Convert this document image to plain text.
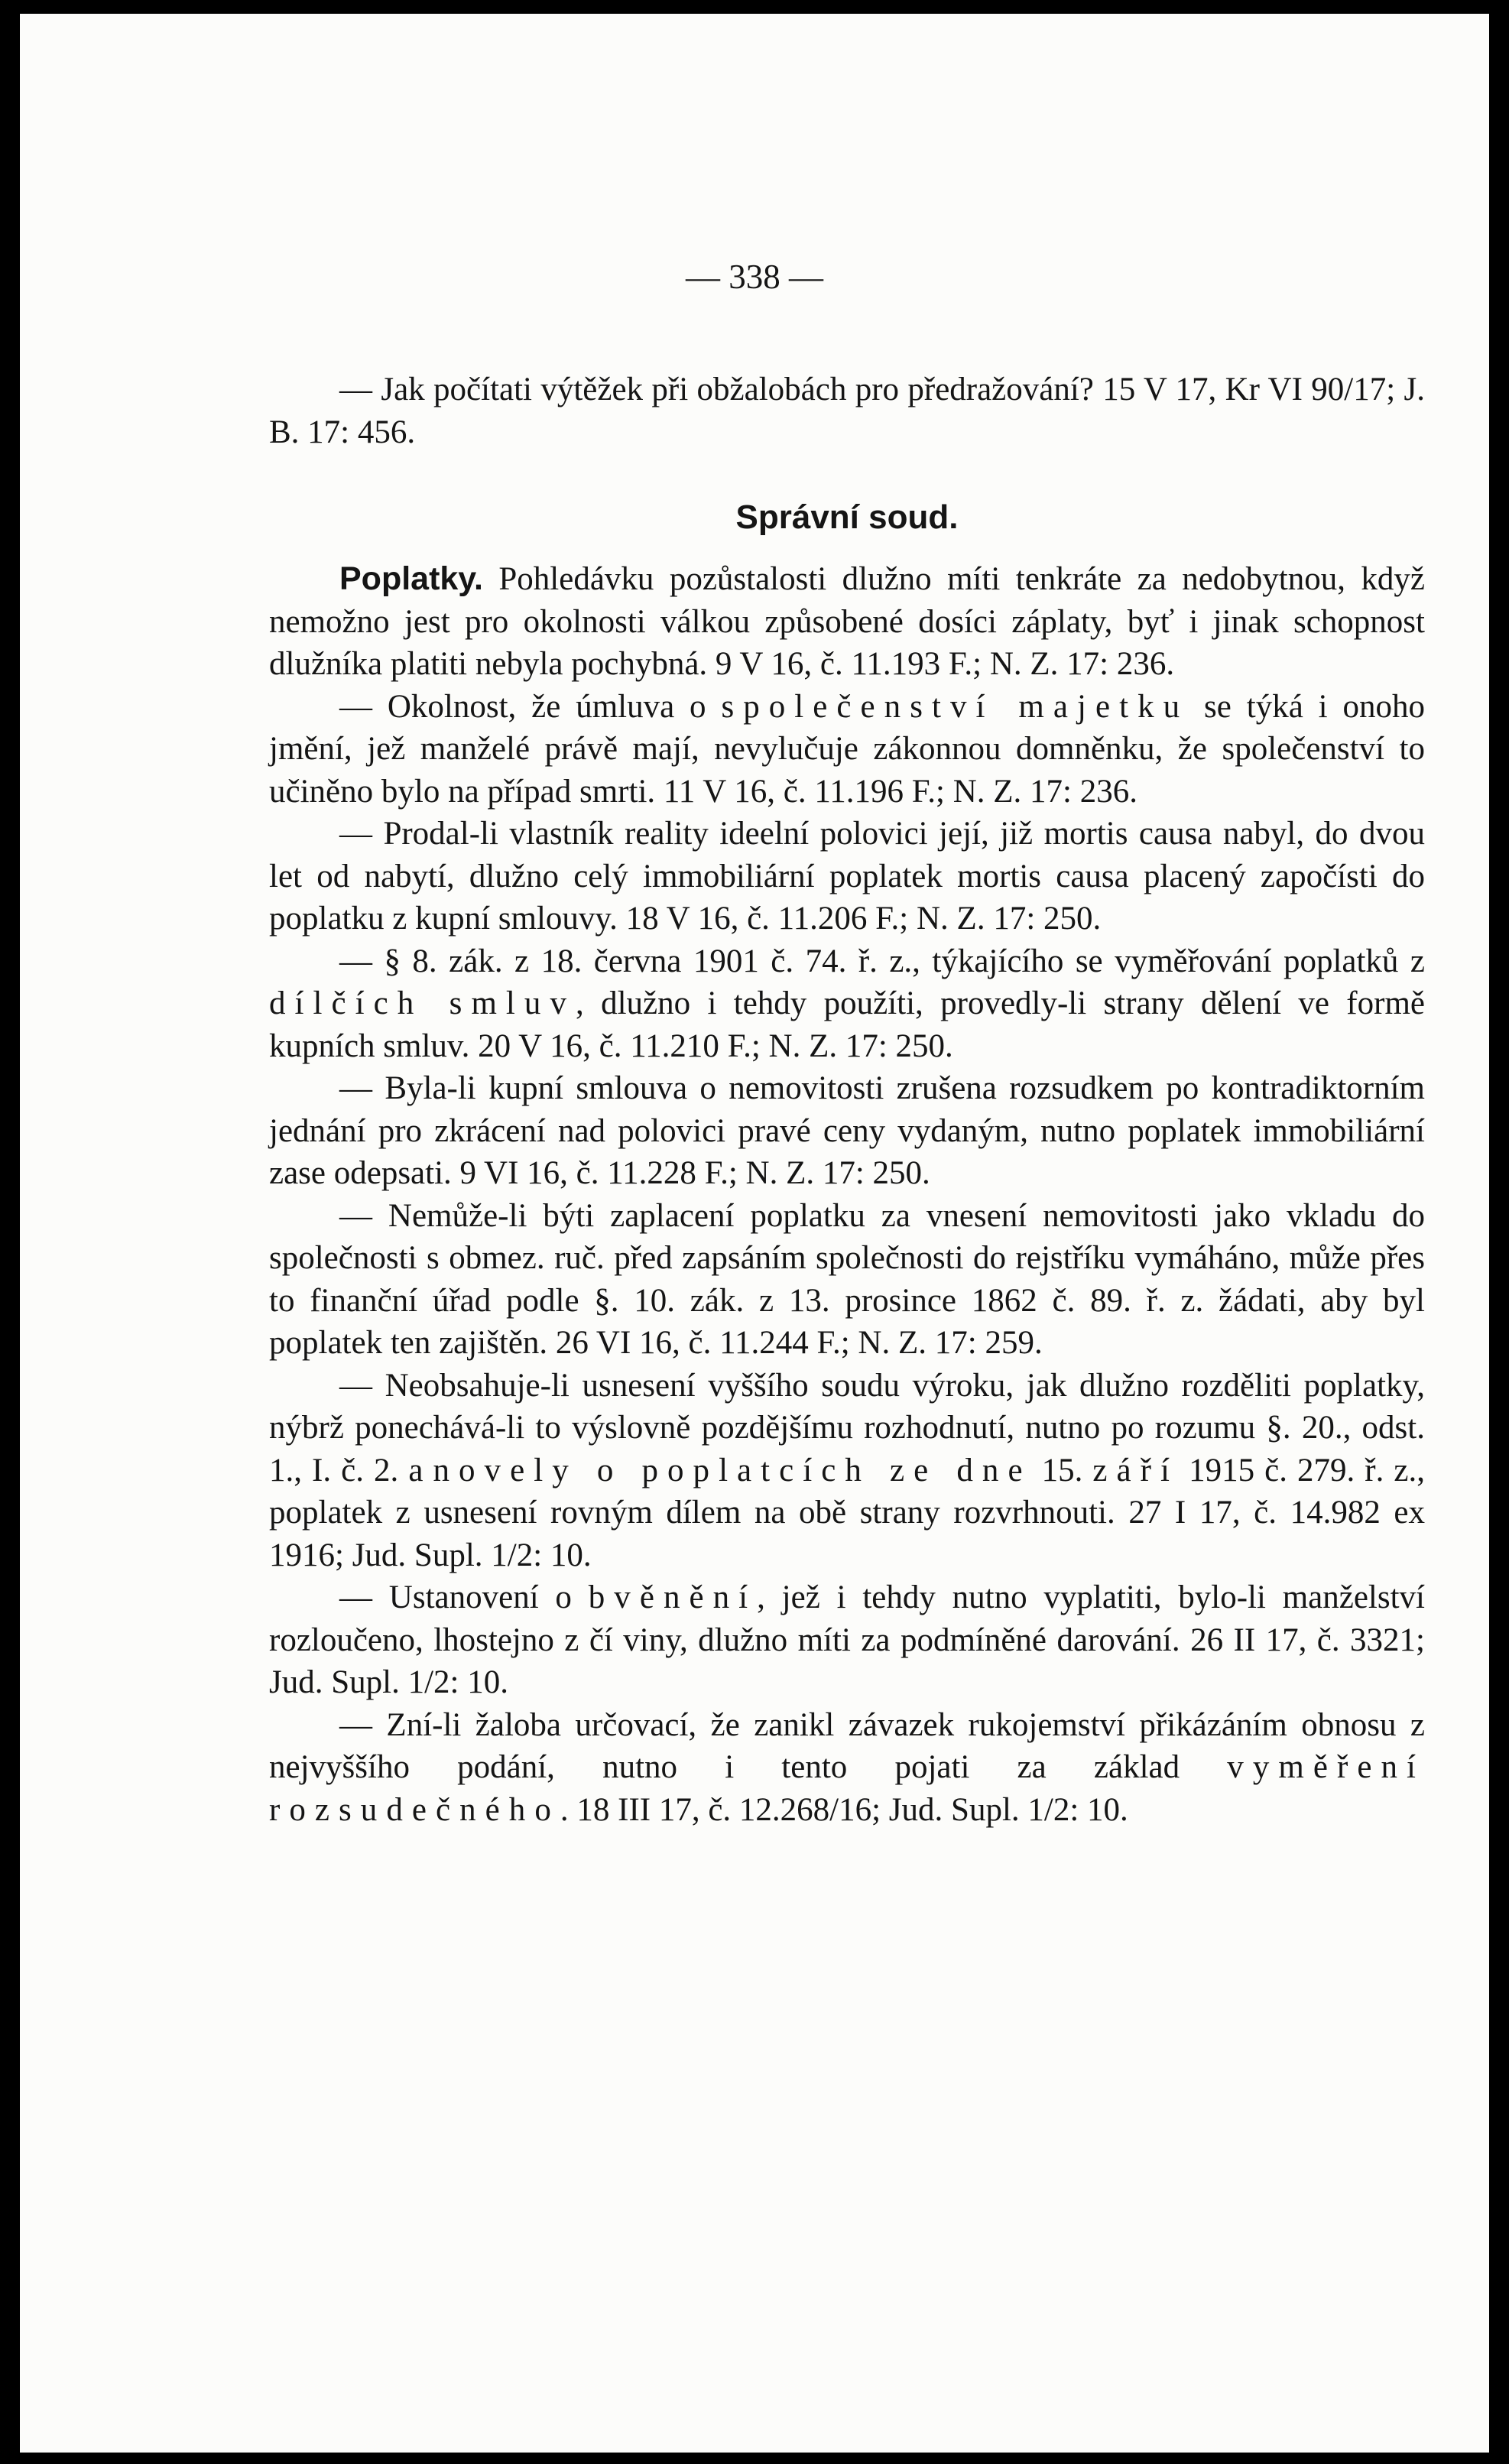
— 338 —

— Jak počítati výtěžek při obžalobách pro předražování? 15 V 17, Kr VI 90/17; J. B. 17: 456.

Správní soud.

Poplatky. Pohledávku pozůstalosti dlužno míti tenkráte za nedobytnou, když nemožno jest pro okolnosti válkou způsobené dosíci záplaty, byť i jinak schopnost dlužníka platiti nebyla pochybná. 9 V 16, č. 11.193 F.; N. Z. 17: 236.

— Okolnost, že úmluva o společenství majetku se týká i onoho jmění, jež manželé právě mají, nevylučuje zákonnou domněnku, že společenství to učiněno bylo na případ smrti. 11 V 16, č. 11.196 F.; N. Z. 17: 236.

— Prodal-li vlastník reality ideelní polovici její, již mortis causa nabyl, do dvou let od nabytí, dlužno celý immobiliární poplatek mortis causa placený započísti do poplatku z kupní smlouvy. 18 V 16, č. 11.206 F.; N. Z. 17: 250.

— § 8. zák. z 18. června 1901 č. 74. ř. z., týkajícího se vyměřování poplatků z dílčích smluv, dlužno i tehdy použíti, provedly-li strany dělení ve formě kupních smluv. 20 V 16, č. 11.210 F.; N. Z. 17: 250.

— Byla-li kupní smlouva o nemovitosti zrušena rozsudkem po kontradiktorním jednání pro zkrácení nad polovici pravé ceny vydaným, nutno poplatek immobiliární zase odepsati. 9 VI 16, č. 11.228 F.; N. Z. 17: 250.

— Nemůže-li býti zaplacení poplatku za vnesení nemovitosti jako vkladu do společnosti s obmez. ruč. před zapsáním společnosti do rejstříku vymáháno, může přes to finanční úřad podle §. 10. zák. z 13. prosince 1862 č. 89. ř. z. žádati, aby byl poplatek ten zajištěn. 26 VI 16, č. 11.244 F.; N. Z. 17: 259.

— Neobsahuje-li usnesení vyššího soudu výroku, jak dlužno rozděliti poplatky, nýbrž ponechává-li to výslovně pozdějšímu rozhodnutí, nutno po rozumu §. 20., odst. 1., I. č. 2. a novely o poplatcích ze dne 15. září 1915 č. 279. ř. z., poplatek z usnesení rovným dílem na obě strany rozvrhnouti. 27 I 17, č. 14.982 ex 1916; Jud. Supl. 1/2: 10.

— Ustanovení o bvěnění, jež i tehdy nutno vyplatiti, bylo-li manželství rozloučeno, lhostejno z čí viny, dlužno míti za podmíněné darování. 26 II 17, č. 3321; Jud. Supl. 1/2: 10.

— Zní-li žaloba určovací, že zanikl závazek rukojemství přikázáním obnosu z nejvyššího podání, nutno i tento pojati za základ vyměření rozsudečného. 18 III 17, č. 12.268/16; Jud. Supl. 1/2: 10.
